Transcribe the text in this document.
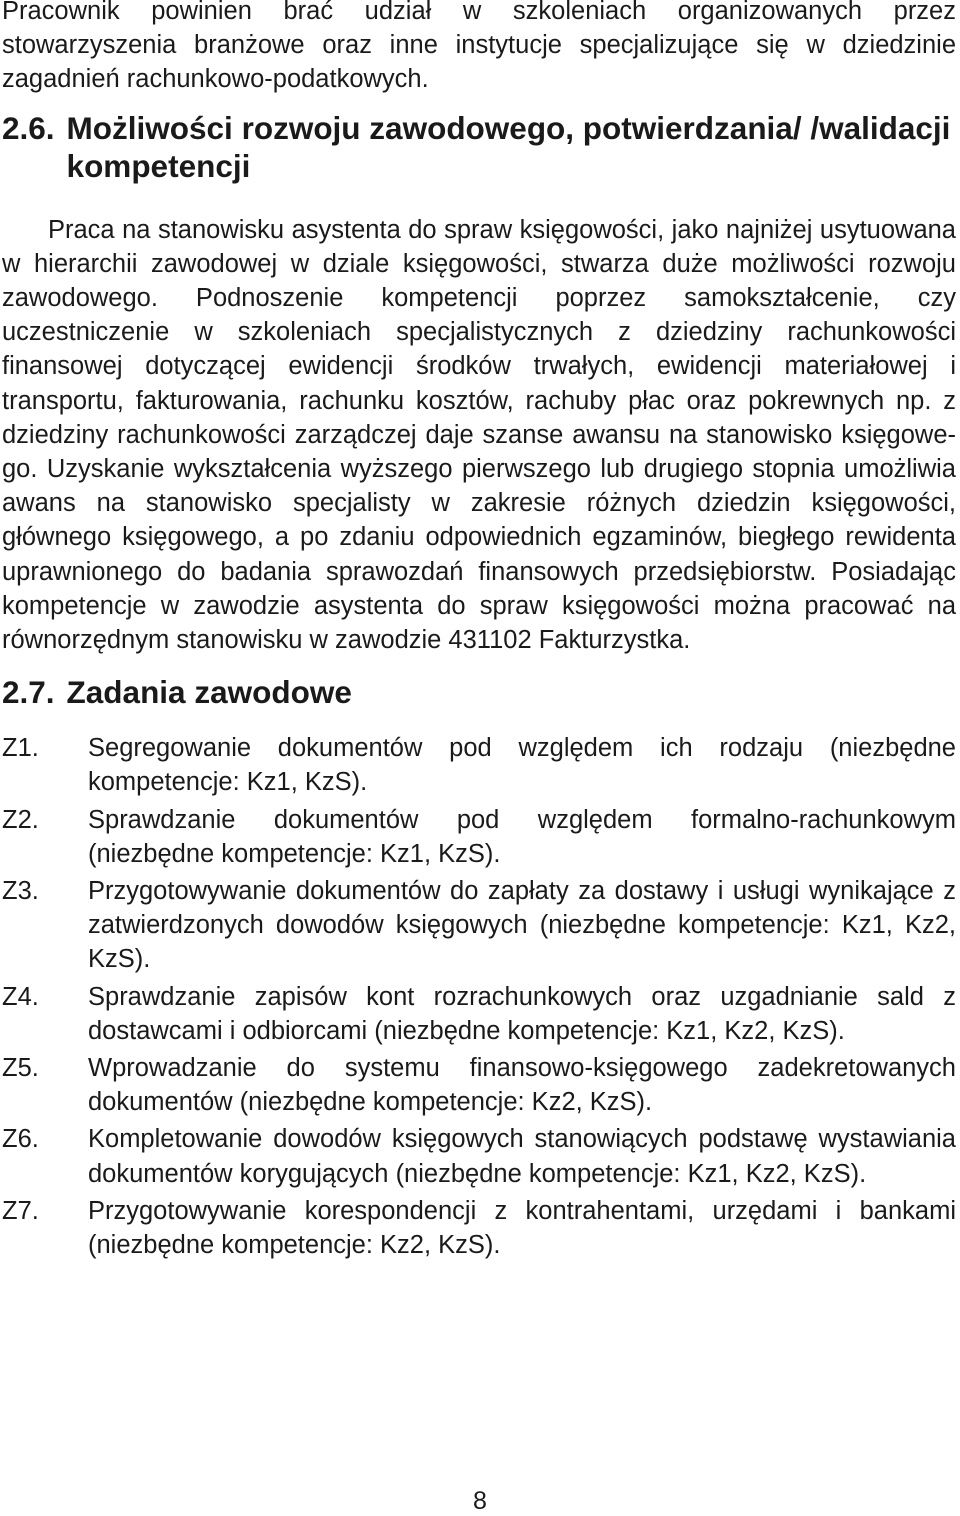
Pracownik powinien brać udział w szkoleniach organizowanych przez stowarzyszenia branżowe oraz inne instytucje specjalizujące się w dziedzinie zagadnień rachunkowo-podatkowych.

2.6. Możliwości rozwoju zawodowego, potwierdzania/ /walidacji kompetencji

Praca na stanowisku asystenta do spraw księgowości, jako najniżej usytuowana w hierarchii zawodowej w dziale księgowości, stwarza duże możliwości rozwoju zawodowego. Podnoszenie kompetencji poprzez samokształcenie, czy uczestniczenie w szkoleniach specjalistycznych z dziedziny rachunkowości finansowej dotyczącej ewidencji środków trwałych, ewidencji materiałowej i transportu, fakturowania, rachunku kosztów, rachuby płac oraz pokrewnych np. z dziedziny rachunkowości zarządczej daje szanse awansu na stanowisko księgowego. Uzyskanie wykształcenia wyższego pierwszego lub drugiego stopnia umożliwia awans na stanowisko specjalisty w zakresie różnych dziedzin księgowości, głównego księgowego, a po zdaniu odpowiednich egzaminów, biegłego rewidenta uprawnionego do badania sprawozdań finansowych przedsiębiorstw. Posiadając kompetencje w zawodzie asystenta do spraw księgowości można pracować na równorzędnym stanowisku w zawodzie 431102 Fakturzystka.

2.7. Zadania zawodowe
Z1.	Segregowanie dokumentów pod względem ich rodzaju (niezbędne kompetencje: Kz1, KzS).
Z2.	Sprawdzanie dokumentów pod względem formalno-rachunkowym (niezbędne kompetencje: Kz1, KzS).
Z3.	Przygotowywanie dokumentów do zapłaty za dostawy i usługi wynikające z zatwierdzonych dowodów księgowych (niezbędne kompetencje: Kz1, Kz2, KzS).
Z4.	Sprawdzanie zapisów kont rozrachunkowych oraz uzgadnianie sald z dostawcami i odbiorcami (niezbędne kompetencje: Kz1, Kz2, KzS).
Z5.	Wprowadzanie do systemu finansowo-księgowego zadekretowanych dokumentów (niezbędne kompetencje: Kz2, KzS).
Z6.	Kompletowanie dowodów księgowych stanowiących podstawę wystawiania dokumentów korygujących (niezbędne kompetencje: Kz1, Kz2, KzS).
Z7.	Przygotowywanie korespondencji z kontrahentami, urzędami i bankami (niezbędne kompetencje: Kz2, KzS).
8
